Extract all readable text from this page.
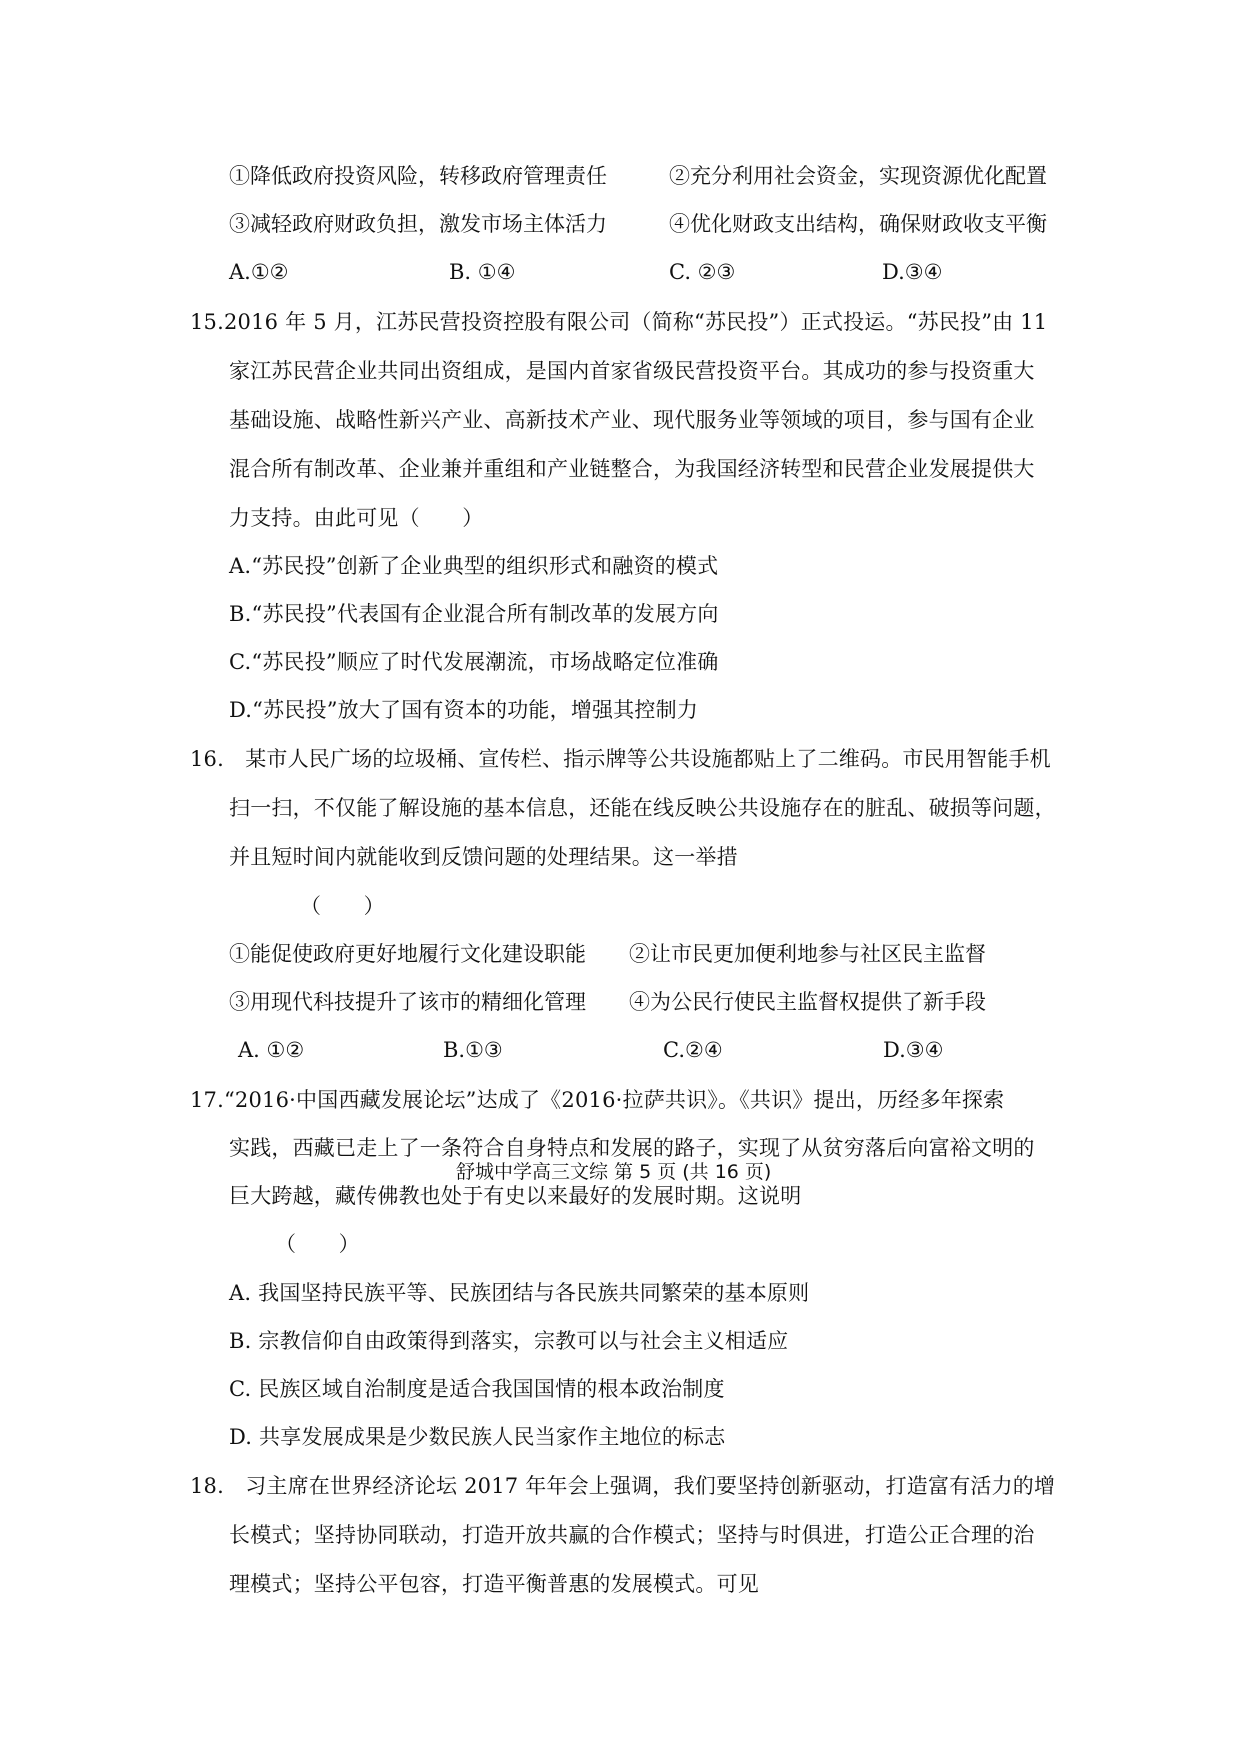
①降低政府投资风险，转移政府管理责任	②充分利用社会资金，实现资源优化配置
③减轻政府财政负担，激发市场主体活力	④优化财政支出结构，确保财政收支平衡
A.①②	B. ①④	C. ②③	D.③④
15.2016 年 5 月，江苏民营投资控股有限公司（简称“苏民投”）正式投运。“苏民投”由 11
家江苏民营企业共同出资组成，是国内首家省级民营投资平台。其成功的参与投资重大
基础设施、战略性新兴产业、高新技术产业、现代服务业等领域的项目，参与国有企业
混合所有制改革、企业兼并重组和产业链整合，为我国经济转型和民营企业发展提供大
力支持。由此可见（　　）
A.“苏民投”创新了企业典型的组织形式和融资的模式
B.“苏民投”代表国有企业混合所有制改革的发展方向
C.“苏民投”顺应了时代发展潮流，市场战略定位准确
D.“苏民投”放大了国有资本的功能，增强其控制力
16.　某市人民广场的垃圾桶、宣传栏、指示牌等公共设施都贴上了二维码。市民用智能手机
扫一扫，不仅能了解设施的基本信息，还能在线反映公共设施存在的脏乱、破损等问题，
并且短时间内就能收到反馈问题的处理结果。这一举措
（　　）
①能促使政府更好地履行文化建设职能 ②让市民更加便利地参与社区民主监督
③用现代科技提升了该市的精细化管理 ④为公民行使民主监督权提供了新手段
A. ①②	B.①③	C.②④	D.③④
17.“2016·中国西藏发展论坛”达成了《2016·拉萨共识》。《共识》提出，历经多年探索
实践，西藏已走上了一条符合自身特点和发展的路子，实现了从贫穷落后向富裕文明的
舒城中学高三文综 第 5 页 (共 16 页)
巨大跨越，藏传佛教也处于有史以来最好的发展时期。这说明
（　　）
A. 我国坚持民族平等、民族团结与各民族共同繁荣的基本原则
B. 宗教信仰自由政策得到落实，宗教可以与社会主义相适应
C. 民族区域自治制度是适合我国国情的根本政治制度
D. 共享发展成果是少数民族人民当家作主地位的标志
18.　习主席在世界经济论坛 2017 年年会上强调，我们要坚持创新驱动，打造富有活力的增
长模式；坚持协同联动，打造开放共赢的合作模式；坚持与时俱进，打造公正合理的治
理模式；坚持公平包容，打造平衡普惠的发展模式。可见
